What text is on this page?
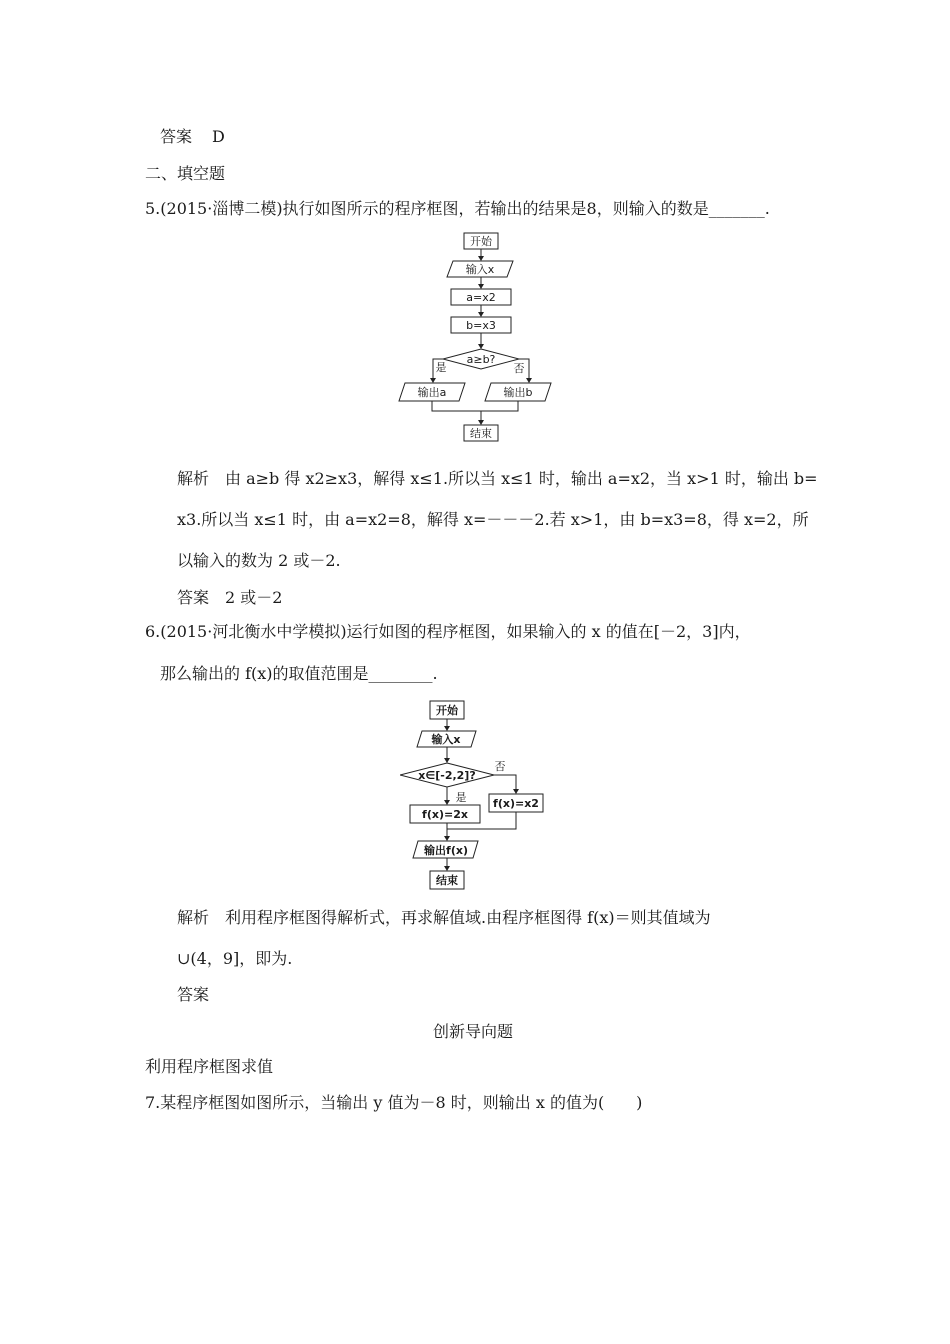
答案 D
二、填空题
5.(2015·淄博二模)执行如图所示的程序框图，若输出的结果是8，则输入的数是_______.
开始
输入x
a=x2
b=x3
a≥b?
是	否
输出a	输出b
结束
解析　由 a≥b 得 x2≥x3，解得 x≤1.所以当 x≤1 时，输出 a=x2，当 x>1 时，输出 b=
x3.所以当 x≤1 时，由 a=x2=8，解得 x=－－－2.若 x>1，由 b=x3=8，得 x=2，所
以输入的数为 2 或－2.
答案　2 或－2
6.(2015·河北衡水中学模拟)运行如图的程序框图，如果输入的 x 的值在[－2，3]内，
那么输出的 f(x)的取值范围是________.
开始
输入x
x∈[-2,2]?
否
是
f(x)=2x
f(x)=x2
输出f(x)
结束
解析　利用程序框图得解析式，再求解值域.由程序框图得 f(x)＝则其值域为
∪(4，9]，即为.
答案
创新导向题
利用程序框图求值
7.某程序框图如图所示，当输出 y 值为－8 时，则输出 x 的值为(　　)
